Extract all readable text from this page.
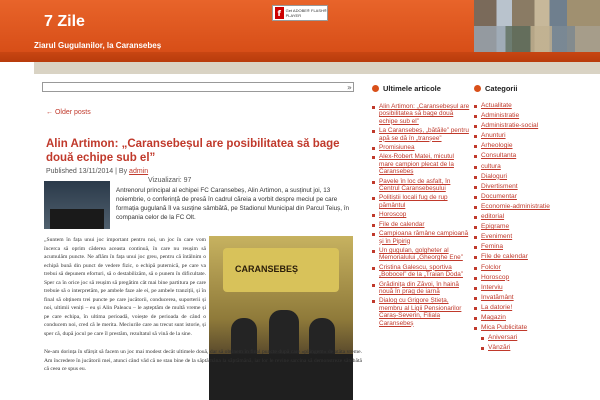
7 Zile
Ziarul Gugulanilor, la Caransebeș
f	Get ADOBE® FLASH® PLAYER
»
← Older posts
Alin Artimon: „Caransebeșul are posibilitatea să bage două echipe sub el”
Published 13/11/2014 | By admin
Vizualizari: 97
Antrenorul principal al echipei FC Caransebeș, Alin Artimon, a susținut joi, 13 noiembrie, o conferință de presă în cadrul căreia a vorbit despre meciul pe care formația gugulană îl va susține sâmbătă, pe Stadionul Municipal din Parcul Teiuș, în compania celor de la FC Olt.
„Suntem în fața unui joc important pentru noi, un joc în care vom încerca să oprim căderea aceasta continuă, în care nu reușim să acumulăm puncte. Ne aflăm în fața unui joc greu, pentru că întâlnim o echipă bună din punct de vedere fizic, o echipă puternică, pe care va trebui să depunem eforturi, să o destabilizăm, să o punem în dificultate. Sper ca în orice joc să reușim să pregătim cât mai bine partitura pe care trebuie să o interpretăm, pe ambele faze ale ei, pe ambele tranziții, și în final să obținem trei puncte pe care jucătorii, conducerea, suporterii și noi, ultimii veniți – eu și Alin Paleacu – le așteptăm de multă vreme și pe care echipa, în ultima perioadă, voiește de perioada de când o conducem noi, cred că le merita. Meciurile care au trecut sunt istorie, și sper că, după jocul pe care îl prestăm, rezultatul să vină de la sine.
CARANSEBEȘ
Ne-am dorința în sfârșit să facem un joc mai modest decât ultimele două, dar să obținem în final puncte după care «plângem» de atâta vreme. Am încredere în jucătorii mei, atunci când văd că ne stau bine de la săptămâna la săptămână, iar lor le revine sarcina să demonstreze sâmbătă că ceea ce spus eu.
Ultimele articole
Alin Artimon: „Caransebeșul are posibilitatea să bage două echipe sub el”
La Caransebeș, „bătăile” pentru apă se dă în „tranșee”
Promisiunea
Alex-Robert Matei, micutul mare campion plecat de la Caransebeș
Pavele în loc de asfalt, în Centrul Caransebeșului
Politiștii locali fug de rup pământul
Horoscop
File de calendar
Campioana rămâne campioană și în Pipirig
Un gugulan, golgheter al Memorialului „Gheorghe Ene”
Cristina Galescu, sportiva „Bobocel” de la „Traian Doda”
Grădinița din Zăvoi, în haină nouă în prag de iarnă
Dialog cu Grigore Știeța, membru al Ligii Pensionarilor Caraș-Severin, Filiala Caransebeș
Categorii
Actualitate
Administratie
Administratie-social
Anunturi
Arheologie
Consultanta
cultura
Dialoguri
Divertisment
Documentar
Economie-administratie
editorial
Epigrame
Eveniment
Femina
File de calendar
Folclor
Horoscop
Interviu
Invatământ
La datorie!
Magazin
Mica Publicitate
Aniversari
Vânzări
